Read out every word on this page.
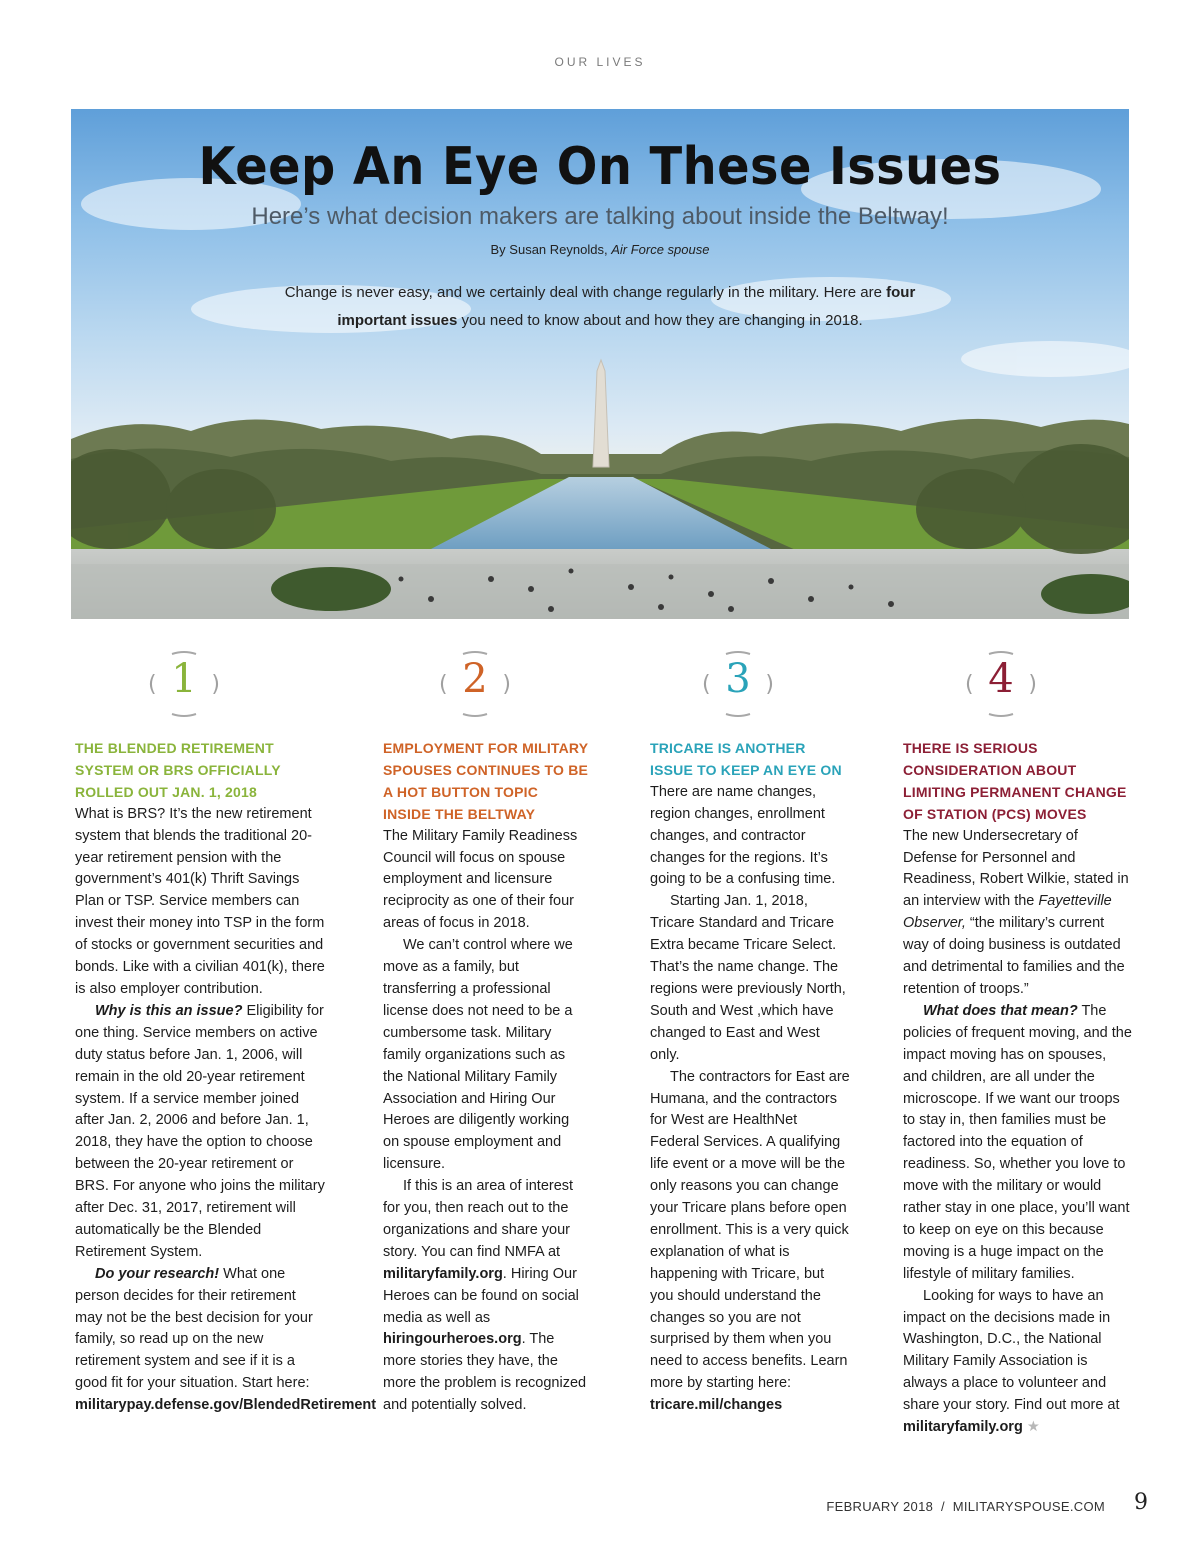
OUR LIVES
Keep An Eye On These Issues
Here’s what decision makers are talking about inside the Beltway!
By Susan Reynolds, Air Force spouse
Change is never easy, and we certainly deal with change regularly in the military. Here are four important issues you need to know about and how they are changing in 2018.
( )
1	( )
2	( )
3	( )
4

THE BLENDED RETIREMENT SYSTEM OR BRS OFFICIALLY ROLLED OUT JAN. 1, 2018

What is BRS? It’s the new retirement system that blends the traditional 20-year retirement pension with the government’s 401(k) Thrift Savings Plan or TSP. Service members can invest their money into TSP in the form of stocks or government securities and bonds. Like with a civilian 401(k), there is also employer contribution.

Why is this an issue? Eligibility for one thing. Service members on active duty status before Jan. 1, 2006, will remain in the old 20-year retirement system. If a service member joined after Jan. 2, 2006 and before Jan. 1, 2018, they have the option to choose between the 20-year retirement or BRS. For anyone who joins the military after Dec. 31, 2017, retirement will automatically be the Blended Retirement System.

Do your research! What one person decides for their retirement may not be the best decision for your family, so read up on the new retirement system and see if it is a good fit for your situation. Start here: militarypay.defense.gov/BlendedRetirement

EMPLOYMENT FOR MILITARY SPOUSES CONTINUES TO BE A HOT BUTTON TOPIC INSIDE THE BELTWAY

The Military Family Readiness Council will focus on spouse employment and licensure reciprocity as one of their four areas of focus in 2018.

We can’t control where we move as a family, but transferring a professional license does not need to be a cumbersome task. Military family organizations such as the National Military Family Association and Hiring Our Heroes are diligently working on spouse employment and licensure.

If this is an area of interest for you, then reach out to the organizations and share your story. You can find NMFA at militaryfamily.org. Hiring Our Heroes can be found on social media as well as hiringourheroes.org. The more stories they have, the more the problem is recognized and potentially solved.

TRICARE IS ANOTHER ISSUE TO KEEP AN EYE ON

There are name changes, region changes, enrollment changes, and contractor changes for the regions. It’s going to be a confusing time.

Starting Jan. 1, 2018, Tricare Standard and Tricare Extra became Tricare Select. That’s the name change. The regions were previously North, South and West ,which have changed to East and West only.

The contractors for East are Humana, and the contractors for West are HealthNet Federal Services. A qualifying life event or a move will be the only reasons you can change your Tricare plans before open enrollment. This is a very quick explanation of what is happening with Tricare, but you should understand the changes so you are not surprised by them when you need to access benefits. Learn more by starting here: tricare.mil/changes

THERE IS SERIOUS CONSIDERATION ABOUT LIMITING PERMANENT CHANGE OF STATION (PCS) MOVES

The new Undersecretary of Defense for Personnel and Readiness, Robert Wilkie, stated in an interview with the Fayetteville Observer, “the military’s current way of doing business is outdated and detrimental to families and the retention of troops.”

What does that mean? The policies of frequent moving, and the impact moving has on spouses, and children, are all under the microscope. If we want our troops to stay in, then families must be factored into the equation of readiness. So, whether you love to move with the military or would rather stay in one place, you’ll want to keep on eye on this because moving is a huge impact on the lifestyle of military families.

Looking for ways to have an impact on the decisions made in Washington, D.C., the National Military Family Association is always a place to volunteer and share your story. Find out more at militaryfamily.org ★

FEBRUARY 2018 / MILITARYSPOUSE.COM 9
